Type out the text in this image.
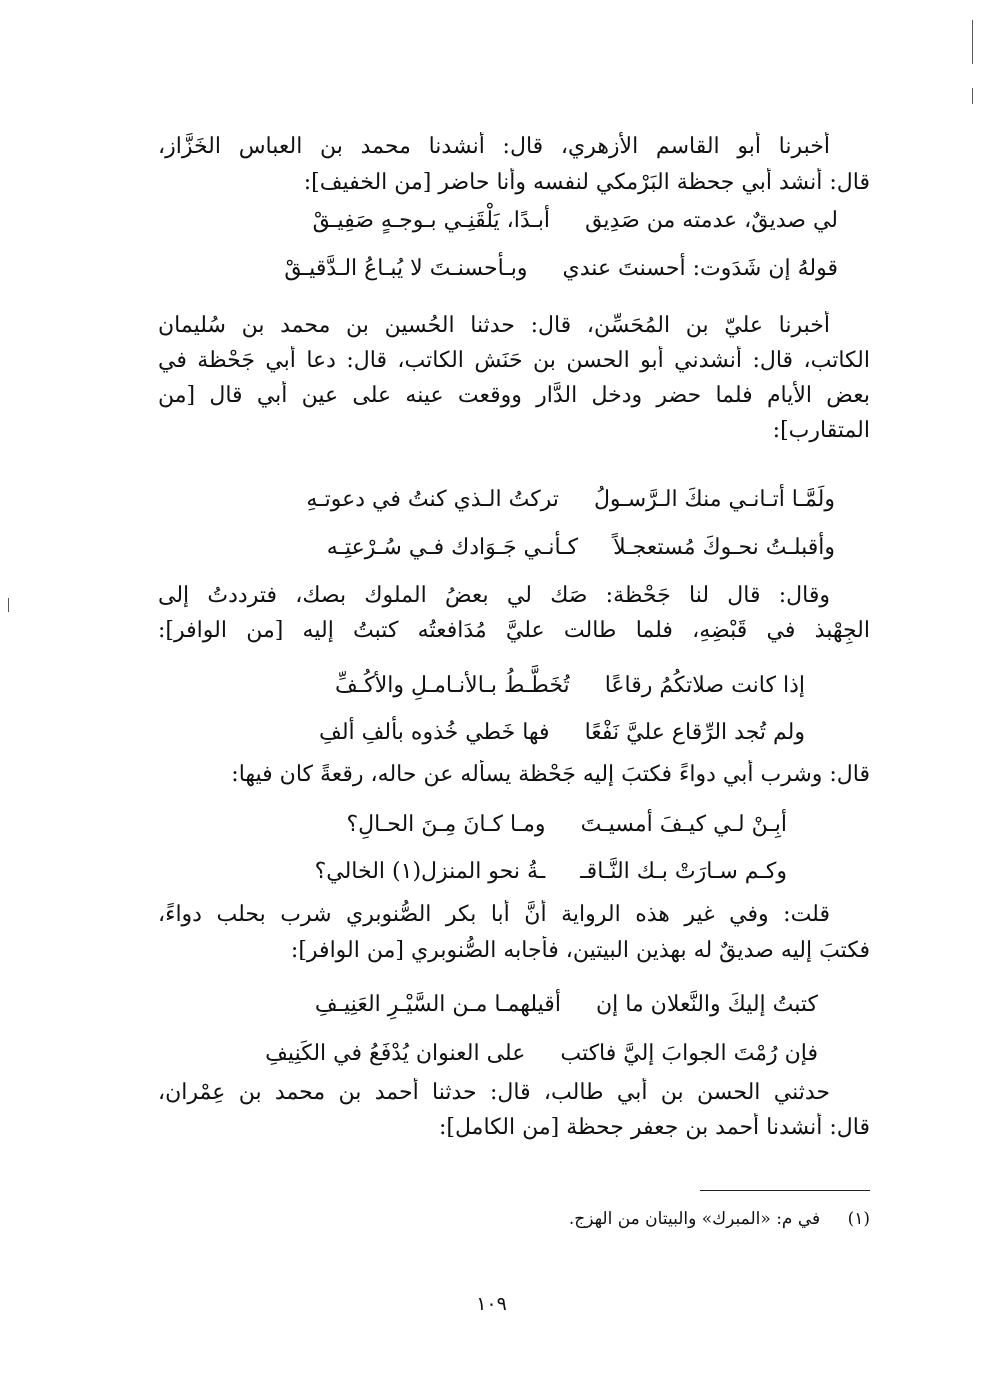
أخبرنا أبو القاسم الأزهري، قال: أنشدنا محمد بن العباس الخَزَّاز،
قال: أنشد أبي جحظة البَرْمكي لنفسه وأنا حاضر [من الخفيف]:
أخبرنا عليّ بن المُحَسِّن، قال: حدثنا الحُسين بن محمد بن سُليمان
الكاتب، قال: أنشدني أبو الحسن بن حَنَش الكاتب، قال: دعا أبي جَحْظة في
بعض الأيام فلما حضر ودخل الدَّار ووقعت عينه على عين أبي قال [من
المتقارب]:
وقال: قال لنا جَحْظة: صَك لي بعضُ الملوك بصك، فترددتُ إلى
الجِهْبذ في قَبْضِهِ، فلما طالت عليَّ مُدَافعتُه كتبتُ إليه [من الوافر]:
قال: وشرب أبي دواءً فكتبَ إليه جَحْظة يسأله عن حاله، رقعةً كان فيها:
قلت: وفي غير هذه الرواية أنَّ أبا بكر الصُّنوبري شرب بحلب دواءً،
فكتبَ إليه صديقٌ له بهذين البيتين، فأجابه الصُّنوبري [من الوافر]:
حدثني الحسن بن أبي طالب، قال: حدثنا أحمد بن محمد بن عِمْران،
قال: أنشدنا أحمد بن جعفر جحظة [من الكامل]:
لي صديقٌ، عدمته من صَدِيق أبـدًا، يَلْقَنِـي بـوجـهٍ صَفِيـقْ
قولهُ إن شَدَوت: أحسنتَ عندي وبـأحسنـتَ لا يُبـاعُ الـدَّقيـقْ
ولَمَّـا أتـانـي منكَ الـرَّسـولُ تركتُ الـذي كنتُ في دعوتـهِ
وأقبلـتُ نحـوكَ مُستعجـلاً كـأنـي جَـوَادك فـي سُـرْعتِـه
إذا كانت صلاتكُمُ رقاعًا تُخَطَّـطُ بـالأنـامـلِ والأكُـفِّ
ولم تُجد الرِّقاع عليَّ نَفْعًا فها خَطي خُذوه بألفِ ألفِ
أبِـنْ لـي كيـفَ أمسيـتَ ومـا كـانَ مِـنَ الحـالِ؟
وكـم سـارَتْ بـك النَّـاقـ ـةُ نحو المنزل(١) الخالي؟
كتبتُ إليكَ والنَّعلان ما إن أقيلهمـا مـن السَّيْـرِ العَنِيـفِ
فإن رُمْتَ الجوابَ إليَّ فاكتب على العنوان يُدْفَعُ في الكَنِيفِ
(١) في م: «المبرك» والبيتان من الهزج.
١٠٩
